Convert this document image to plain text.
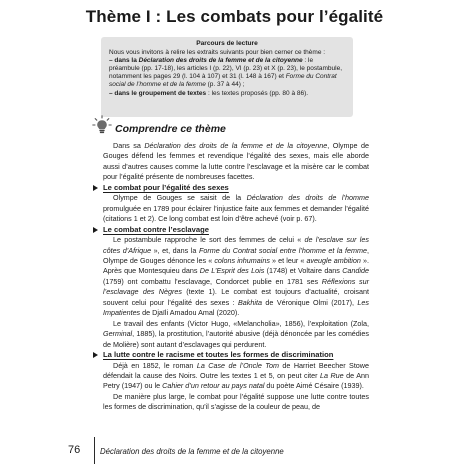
Thème I : Les combats pour l’égalité
Parcours de lecture

Nous vous invitons à relire les extraits suivants pour bien cerner ce thème :

– dans la Déclaration des droits de la femme et de la citoyenne : le préambule (pp. 17-18), les articles I (p. 22), VI (p. 23) et X (p. 23), le postambule, notamment les pages 29 (l. 104 à 107) et 31 (l. 148 à 167) et Forme du Contrat social de l’homme et de la femme (p. 37 à 44) ;

– dans le groupement de textes : les textes proposés (pp. 80 à 86).

Comprendre ce thème

Dans sa Déclaration des droits de la femme et de la citoyenne, Olympe de Gouges défend les femmes et revendique l’égalité des sexes, mais elle aborde aussi d’autres causes comme la lutte contre l’esclavage et la misère car le combat pour l’égalité présente de nombreuses facettes.

Le combat pour l’égalité des sexes

Olympe de Gouges se saisit de la Déclaration des droits de l’homme promulguée en 1789 pour éclairer l’injustice faite aux femmes et demander l’égalité (citations 1 et 2). Ce long combat est loin d’être achevé (voir p. 67).

Le combat contre l’esclavage

Le postambule rapproche le sort des femmes de celui « de l’esclave sur les côtes d’Afrique », et, dans la Forme du Contrat social entre l’homme et la femme, Olympe de Gouges dénonce les « colons inhumains » et leur « aveugle ambition ». Après que Montesquieu dans De L’Esprit des Lois (1748) et Voltaire dans Candide (1759) ont combattu l’esclavage, Condorcet publie en 1781 ses Réflexions sur l’esclavage des Nègres (texte 1). Le combat est toujours d’actualité, croisant souvent celui pour l’égalité des sexes : Bakhita de Véronique Olmi (2017), Les Impatientes de Djaïli Amadou Amal (2020).

Le travail des enfants (Victor Hugo, «Melancholia», 1856), l’exploitation (Zola, Germinal, 1885), la prostitution, l’autorité abusive (déjà dénoncée par les comédies de Molière) sont autant d’esclavages qui perdurent.

La lutte contre le racisme et toutes les formes de discrimination

Déjà en 1852, le roman La Case de l’Oncle Tom de Harriet Beecher Stowe défendait la cause des Noirs. Outre les textes 1 et 5, on peut citer La Rue de Ann Petry (1947) ou le Cahier d’un retour au pays natal du poète Aimé Césaire (1939).

De manière plus large, le combat pour l’égalité suppose une lutte contre toutes les formes de discrimination, qu’il s’agisse de la couleur de peau, de

76	Déclaration des droits de la femme et de la citoyenne
